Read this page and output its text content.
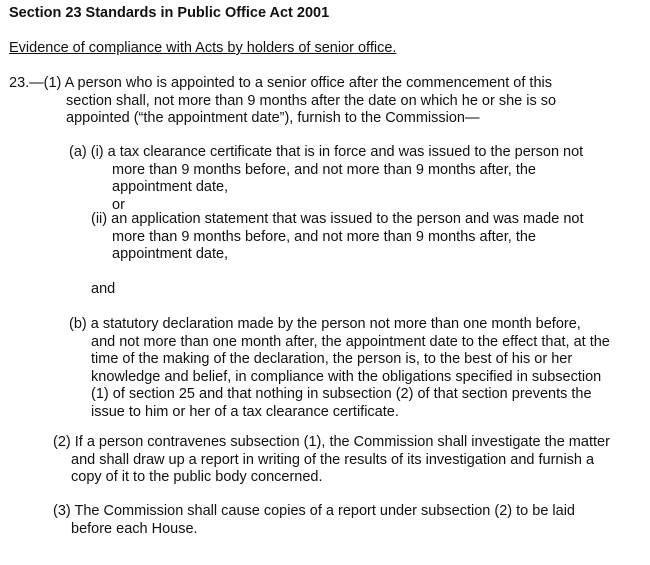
Section 23 Standards in Public Office Act 2001
Evidence of compliance with Acts by holders of senior office.
23.—(1) A person who is appointed to a senior office after the commencement of this
section shall, not more than 9 months after the date on which he or she is so
appointed (“the appointment date”), furnish to the Commission—
(a) (i) a tax clearance certificate that is in force and was issued to the person not
more than 9 months before, and not more than 9 months after, the
appointment date,
or
(ii) an application statement that was issued to the person and was made not
more than 9 months before, and not more than 9 months after, the
appointment date,
and
(b) a statutory declaration made by the person not more than one month before,
and not more than one month after, the appointment date to the effect that, at the
time of the making of the declaration, the person is, to the best of his or her
knowledge and belief, in compliance with the obligations specified in subsection
(1) of section 25 and that nothing in subsection (2) of that section prevents the
issue to him or her of a tax clearance certificate.
(2) If a person contravenes subsection (1), the Commission shall investigate the matter
and shall draw up a report in writing of the results of its investigation and furnish a
copy of it to the public body concerned.
(3) The Commission shall cause copies of a report under subsection (2) to be laid
before each House.
